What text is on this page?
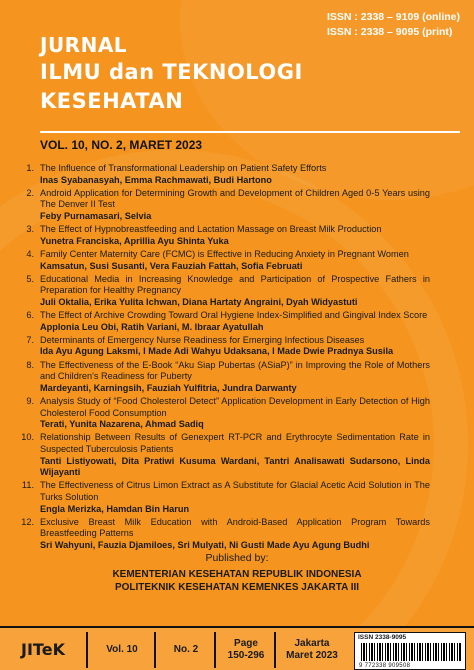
ISSN : 2338 – 9109 (online)
ISSN : 2338 – 9095 (print)
JURNAL
ILMU dan TEKNOLOGI
KESEHATAN
VOL. 10, NO. 2, MARET 2023
1. The Influence of Transformational Leadership on Patient Safety Efforts
Inas Syabanasyah, Emma Rachmawati, Budi Hartono
2. Android Application for Determining Growth and Development of Children Aged 0-5 Years using The Denver II Test
Feby Purnamasari, Selvia
3. The Effect of Hypnobreastfeeding and Lactation Massage on Breast Milk Production
Yunetra Franciska, Aprillia Ayu Shinta Yuka
4. Family Center Maternity Care (FCMC) is Effective in Reducing Anxiety in Pregnant Women
Kamsatun, Susi Susanti, Vera Fauziah Fattah, Sofia Februati
5. Educational Media in Increasing Knowledge and Participation of Prospective Fathers in Preparation for Healthy Pregnancy
Juli Oktalia, Erika Yulita Ichwan, Diana Hartaty Angraini, Dyah Widyastuti
6. The Effect of Archive Crowding Toward Oral Hygiene Index-Simplified and Gingival Index Score
Applonia Leu Obi, Ratih Variani, M. Ibraar Ayatullah
7. Determinants of Emergency Nurse Readiness for Emerging Infectious Diseases
Ida Ayu Agung Laksmi, I Made Adi Wahyu Udaksana, I Made Dwie Pradnya Susila
8. The Effectiveness of the E-Book “Aku Siap Pubertas (ASiaP)” in Improving the Role of Mothers and Children's Readiness for Puberty
Mardeyanti, Karningsih, Fauziah Yulfitria, Jundra Darwanty
9. Analysis Study of “Food Cholesterol Detect” Application Development in Early Detection of High Cholesterol Food Consumption
Terati, Yunita Nazarena, Ahmad Sadiq
10. Relationship Between Results of Genexpert RT-PCR and Erythrocyte Sedimentation Rate in Suspected Tuberculosis Patients
Tanti Listiyowati, Dita Pratiwi Kusuma Wardani, Tantri Analisawati Sudarsono, Linda Wijayanti
11. The Effectiveness of Citrus Limon Extract as A Substitute for Glacial Acetic Acid Solution in The Turks Solution
Engla Merizka, Hamdan Bin Harun
12. Exclusive Breast Milk Education with Android-Based Application Program Towards Breastfeeding Patterns
Sri Wahyuni, Fauzia Djamiloes, Sri Mulyati, Ni Gusti Made Ayu Agung Budhi
Published by:
KEMENTERIAN KESEHATAN REPUBLIK INDONESIA
POLITEKNIK KESEHATAN KEMENKES JAKARTA III
JITeK	Vol. 10	No. 2
Page
150-296
Jakarta
Maret 2023
ISSN 2338-9095
9 772338 909508
